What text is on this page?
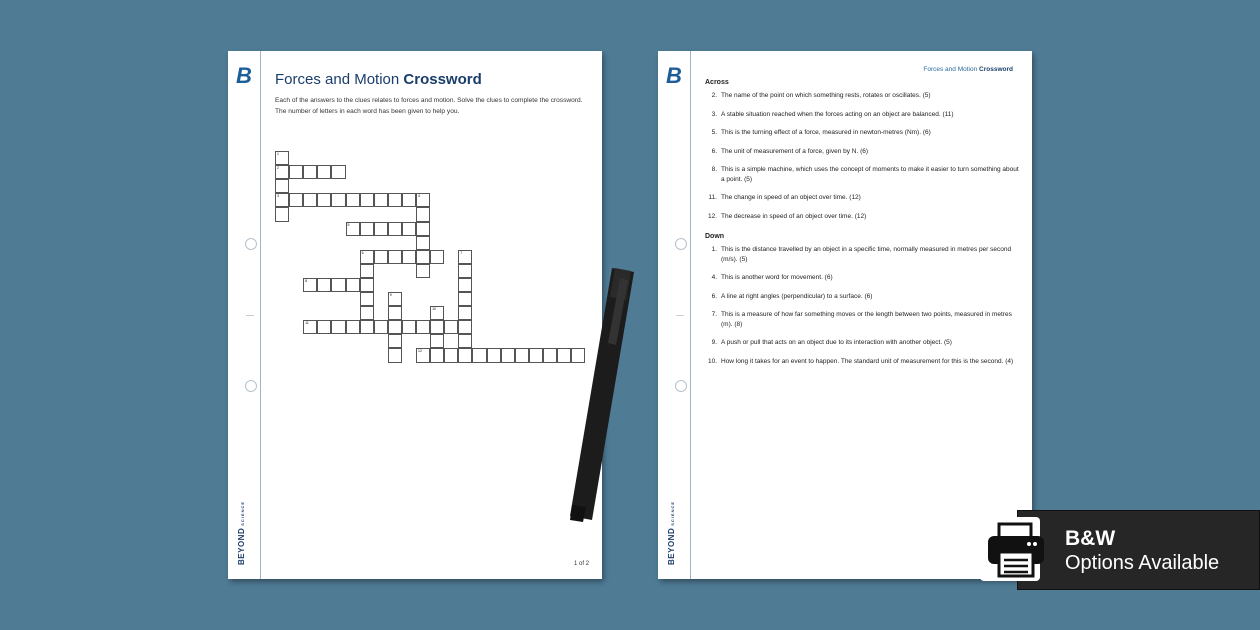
B
BEYONDSCIENCE
Forces and Motion Crossword
Each of the answers to the clues relates to forces and motion. Solve the clues to complete the crossword. The number of letters in each word has been given to help you.
1
2
3	4
5
6	7
8
9
10
11
12
1 of 2
B
BEYONDSCIENCE
Forces and Motion Crossword
Across
2. The name of the point on which something rests, rotates or oscillates. (5)
3. A stable situation reached when the forces acting on an object are balanced. (11)
5. This is the turning effect of a force, measured in newton-metres (Nm). (6)
6. The unit of measurement of a force, given by N. (6)
8. This is a simple machine, which uses the concept of moments to make it easier to turn something about a point. (5)
11. The change in speed of an object over time. (12)
12. The decrease in speed of an object over time. (12)
Down
1. This is the distance travelled by an object in a specific time, normally measured in metres per second (m/s). (5)
4. This is another word for movement. (6)
6. A line at right angles (perpendicular) to a surface. (6)
7. This is a measure of how far something moves or the length between two points, measured in metres (m). (8)
9. A push or pull that acts on an object due to its interaction with another object. (5)
10. How long it takes for an event to happen. The standard unit of measurement for this is the second. (4)
B&W
Options Available
